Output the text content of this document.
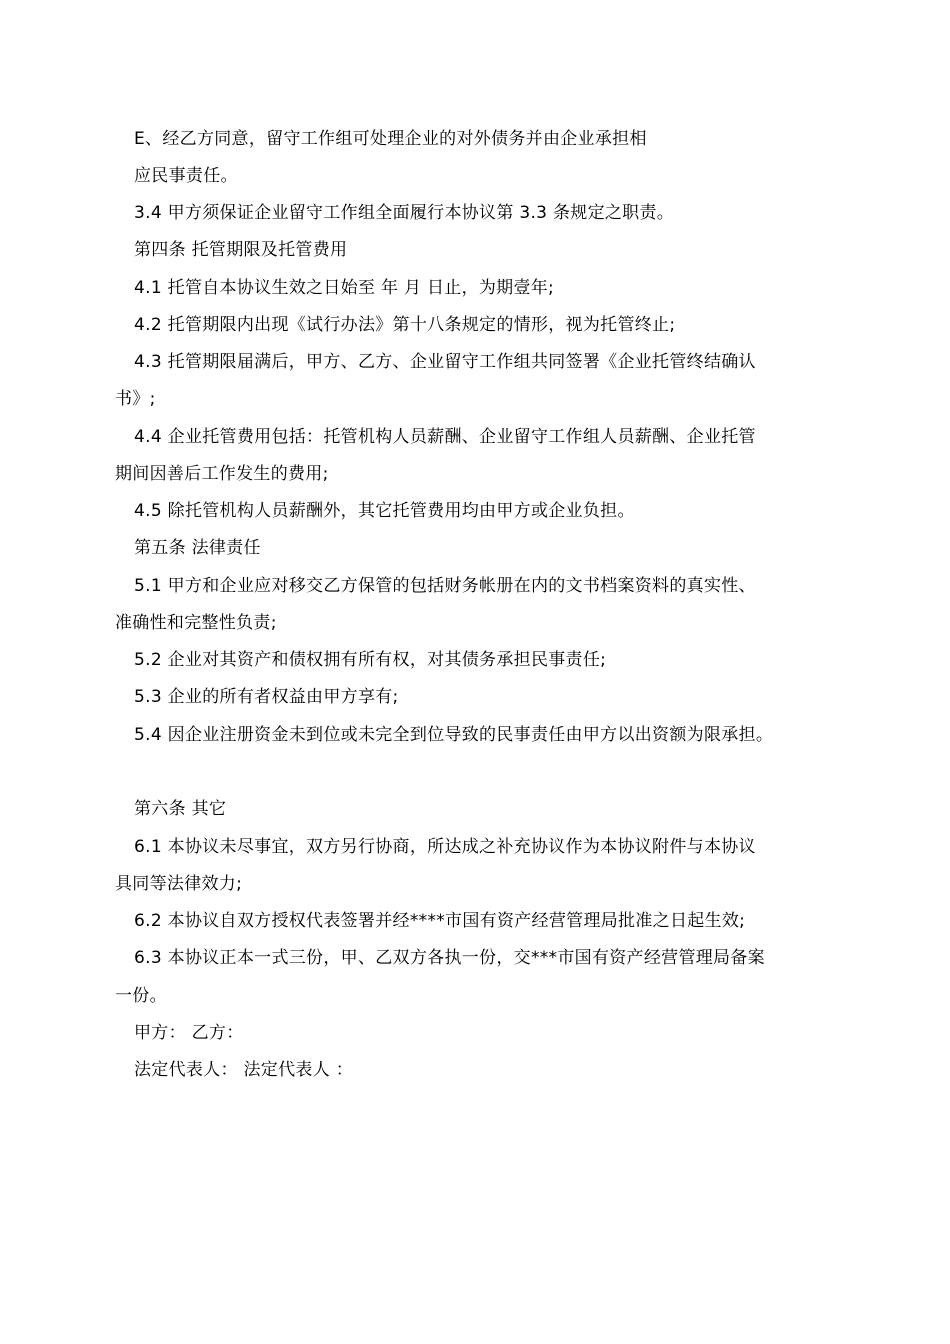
E、经乙方同意，留守工作组可处理企业的对外债务并由企业承担相
应民事责任。
3.4 甲方须保证企业留守工作组全面履行本协议第 3.3 条规定之职责。
第四条 托管期限及托管费用
4.1 托管自本协议生效之日始至 年 月 日止，为期壹年;
4.2 托管期限内出现《试行办法》第十八条规定的情形，视为托管终止;
4.3 托管期限届满后，甲方、乙方、企业留守工作组共同签署《企业托管终结确认
书》;
4.4 企业托管费用包括：托管机构人员薪酬、企业留守工作组人员薪酬、企业托管
期间因善后工作发生的费用;
4.5 除托管机构人员薪酬外，其它托管费用均由甲方或企业负担。
第五条 法律责任
5.1 甲方和企业应对移交乙方保管的包括财务帐册在内的文书档案资料的真实性、
准确性和完整性负责;
5.2 企业对其资产和债权拥有所有权，对其债务承担民事责任;
5.3 企业的所有者权益由甲方享有;
5.4 因企业注册资金未到位或未完全到位导致的民事责任由甲方以出资额为限承担。
第六条 其它
6.1 本协议未尽事宜，双方另行协商，所达成之补充协议作为本协议附件与本协议
具同等法律效力;
6.2 本协议自双方授权代表签署并经****市国有资产经营管理局批准之日起生效;
6.3 本协议正本一式三份，甲、乙双方各执一份，交***市国有资产经营管理局备案
一份。
甲方： 乙方：
法定代表人： 法定代表人 ：
